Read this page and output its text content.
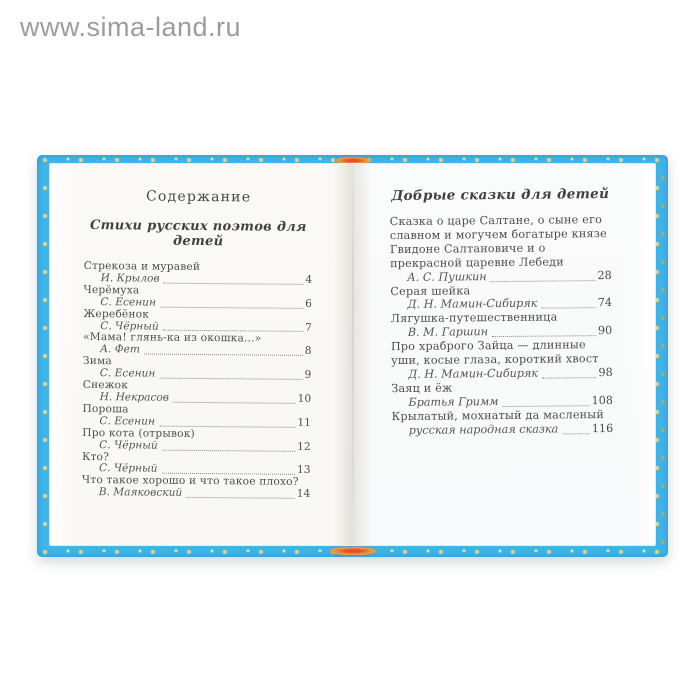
www.sima-land.ru
Содержание
Стихи русских поэтов для детей
Стрекоза и муравей
И. Крылов	4
Черёмуха
С. Есенин	6
Жеребёнок
С. Чёрный	7
«Мама! глянь-ка из окошка…»
А. Фет	8
Зима
С. Есенин	9
Снежок
Н. Некрасов	10
Пороша
С. Есенин	11
Про кота (отрывок)
С. Чёрный	12
Кто?
С. Чёрный	13
Что такое хорошо и что такое плохо?
В. Маяковский	14
Добрые сказки для детей
Сказка о царе Салтане, о сыне его славном и могучем богатыре князе Гвидоне Салтановиче и о прекрасной царевне Лебеди
А. С. Пушкин	28
Серая шейка
Д. Н. Мамин-Сибиряк	74
Лягушка-путешественница
В. М. Гаршин	90
Про храброго Зайца — длинные уши, косые глаза, короткий хвост
Д. Н. Мамин-Сибиряк	98
Заяц и ёж
Братья Гримм	108
Крылатый, мохнатый да масленый
русская народная сказка	116
